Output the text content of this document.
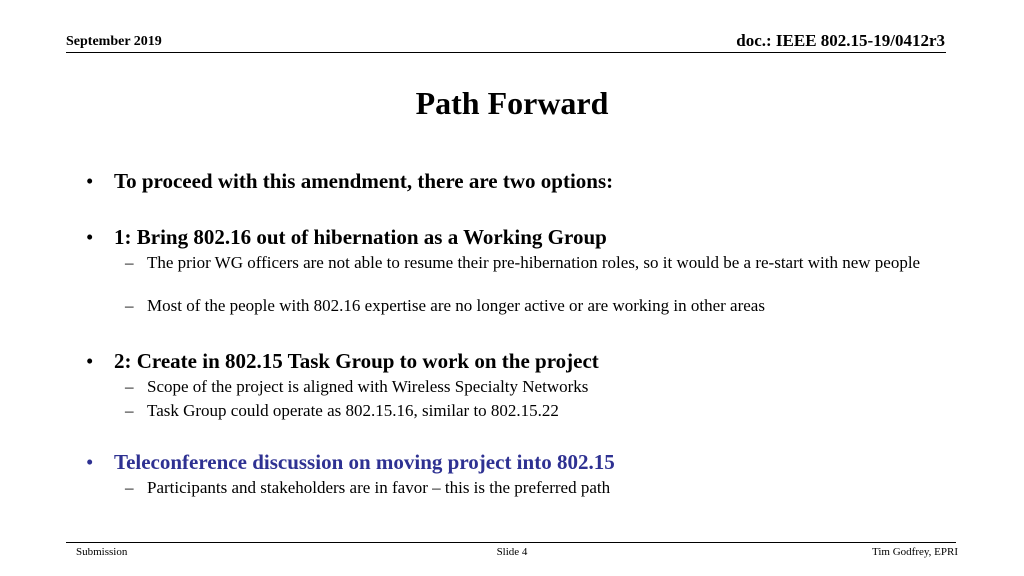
September 2019	doc.: IEEE 802.15-19/0412r3
Path Forward
• To proceed with this amendment, there are two options:
• 1: Bring 802.16 out of hibernation as a Working Group
– The prior WG officers are not able to resume their pre-hibernation roles, so it would be a re-start with new people
– Most of the people with 802.16 expertise are no longer active or are working in other areas
• 2: Create in 802.15 Task Group to work on the project
– Scope of the project is aligned with Wireless Specialty Networks
– Task Group could operate as 802.15.16, similar to 802.15.22
• Teleconference discussion on moving project into 802.15
– Participants and stakeholders are in favor – this is the preferred path
Submission	Slide 4	Tim Godfrey, EPRI
